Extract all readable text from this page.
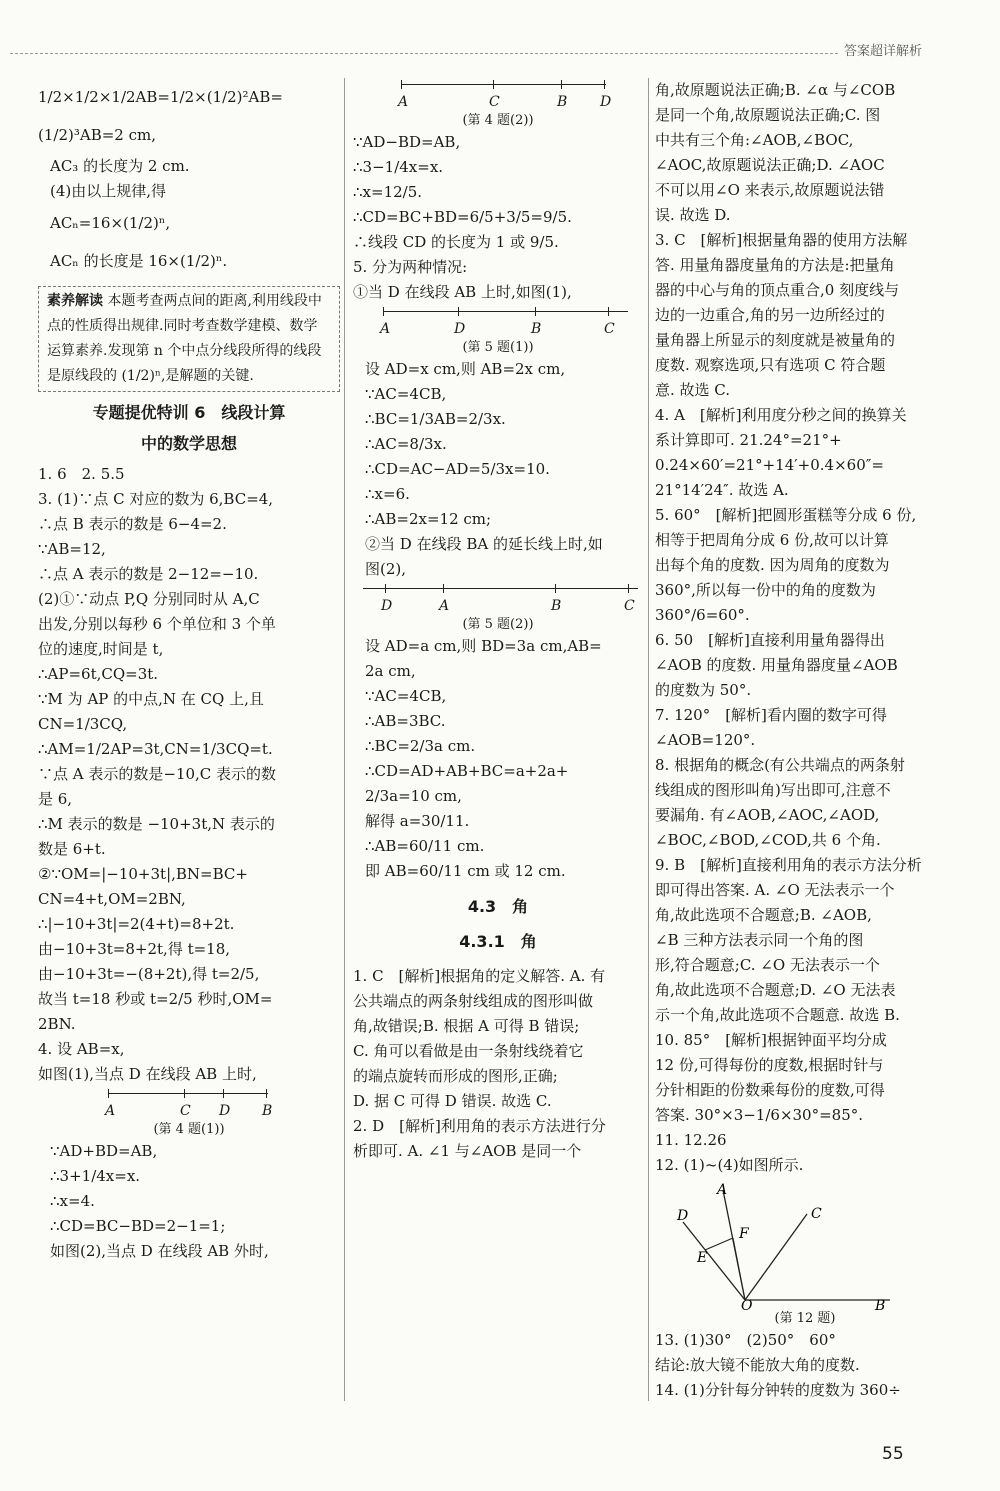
答案超详解析
1/2×1/2×1/2AB=1/2×(1/2)²AB=
(1/2)³AB=2 cm,
AC₃ 的长度为 2 cm.
(4)由以上规律,得
ACₙ=16×(1/2)ⁿ,
ACₙ 的长度是 16×(1/2)ⁿ.
素养解读 本题考查两点间的距离,利用线段中点的性质得出规律.同时考查数学建模、数学运算素养.发现第 n 个中点分线段所得的线段是原线段的 (1/2)ⁿ,是解题的关键.
专题提优特训 6　线段计算
中的数学思想
1. 6　2. 5.5
3. (1)∵点 C 对应的数为 6,BC=4,
∴点 B 表示的数是 6−4=2.
∵AB=12,
∴点 A 表示的数是 2−12=−10.
(2)①∵动点 P,Q 分别同时从 A,C
出发,分别以每秒 6 个单位和 3 个单
位的速度,时间是 t,
∴AP=6t,CQ=3t.
∵M 为 AP 的中点,N 在 CQ 上,且
CN=1/3CQ,
∴AM=1/2AP=3t,CN=1/3CQ=t.
∵点 A 表示的数是−10,C 表示的数
是 6,
∴M 表示的数是 −10+3t,N 表示的
数是 6+t.
②∵OM=|−10+3t|,BN=BC+
CN=4+t,OM=2BN,
∴|−10+3t|=2(4+t)=8+2t.
由−10+3t=8+2t,得 t=18,
由−10+3t=−(8+2t),得 t=2/5,
故当 t=18 秒或 t=2/5 秒时,OM=
2BN.
4. 设 AB=x,
如图(1),当点 D 在线段 AB 上时,
A	C D B
(第 4 题(1))
∵AD+BD=AB,
∴3+1/4x=x.
∴x=4.
∴CD=BC−BD=2−1=1;
如图(2),当点 D 在线段 AB 外时,
A	C	B D
(第 4 题(2))
∵AD−BD=AB,
∴3−1/4x=x.
∴x=12/5.
∴CD=BC+BD=6/5+3/5=9/5.
∴线段 CD 的长度为 1 或 9/5.
5. 分为两种情况:
①当 D 在线段 AB 上时,如图(1),
A	D	B	C
(第 5 题(1))
设 AD=x cm,则 AB=2x cm,
∵AC=4CB,
∴BC=1/3AB=2/3x.
∴AC=8/3x.
∴CD=AC−AD=5/3x=10.
∴x=6.
∴AB=2x=12 cm;
②当 D 在线段 BA 的延长线上时,如
图(2),
D	A	B	C
(第 5 题(2))
设 AD=a cm,则 BD=3a cm,AB=
2a cm,
∵AC=4CB,
∴AB=3BC.
∴BC=2/3a cm.
∴CD=AD+AB+BC=a+2a+
2/3a=10 cm,
解得 a=30/11.
∴AB=60/11 cm.
即 AB=60/11 cm 或 12 cm.
4.3　角
4.3.1　角
1. C　[解析]根据角的定义解答. A. 有
公共端点的两条射线组成的图形叫做
角,故错误;B. 根据 A 可得 B 错误;
C. 角可以看做是由一条射线绕着它
的端点旋转而形成的图形,正确;
D. 据 C 可得 D 错误. 故选 C.
2. D　[解析]利用角的表示方法进行分
析即可. A. ∠1 与∠AOB 是同一个
角,故原题说法正确;B. ∠α 与∠COB
是同一个角,故原题说法正确;C. 图
中共有三个角:∠AOB,∠BOC,
∠AOC,故原题说法正确;D. ∠AOC
不可以用∠O 来表示,故原题说法错
误. 故选 D.
3. C　[解析]根据量角器的使用方法解
答. 用量角器度量角的方法是:把量角
器的中心与角的顶点重合,0 刻度线与
边的一边重合,角的另一边所经过的
量角器上所显示的刻度就是被量角的
度数. 观察选项,只有选项 C 符合题
意. 故选 C.
4. A　[解析]利用度分秒之间的换算关
系计算即可. 21.24°=21°+
0.24×60′=21°+14′+0.4×60″=
21°14′24″. 故选 A.
5. 60°　[解析]把圆形蛋糕等分成 6 份,
相等于把周角分成 6 份,故可以计算
出每个角的度数. 因为周角的度数为
360°,所以每一份中的角的度数为
360°/6=60°.
6. 50　[解析]直接利用量角器得出
∠AOB 的度数. 用量角器度量∠AOB
的度数为 50°.
7. 120°　[解析]看内圈的数字可得
∠AOB=120°.
8. 根据角的概念(有公共端点的两条射
线组成的图形叫角)写出即可,注意不
要漏角. 有∠AOB,∠AOC,∠AOD,
∠BOC,∠BOD,∠COD,共 6 个角.
9. B　[解析]直接利用角的表示方法分析
即可得出答案. A. ∠O 无法表示一个
角,故此选项不合题意;B. ∠AOB,
∠B 三种方法表示同一个角的图
形,符合题意;C. ∠O 无法表示一个
角,故此选项不合题意;D. ∠O 无法表
示一个角,故此选项不合题意. 故选 B.
10. 85°　[解析]根据钟面平均分成
12 份,可得每份的度数,根据时针与
分针相距的份数乘每份的度数,可得
答案. 30°×3−1/6×30°=85°.
11. 12.26
12. (1)~(4)如图所示.
A
D
F
C
E
O	B
(第 12 题)
13. (1)30°　(2)50°　60°
结论:放大镜不能放大角的度数.
14. (1)分针每分钟转的度数为 360÷
55
